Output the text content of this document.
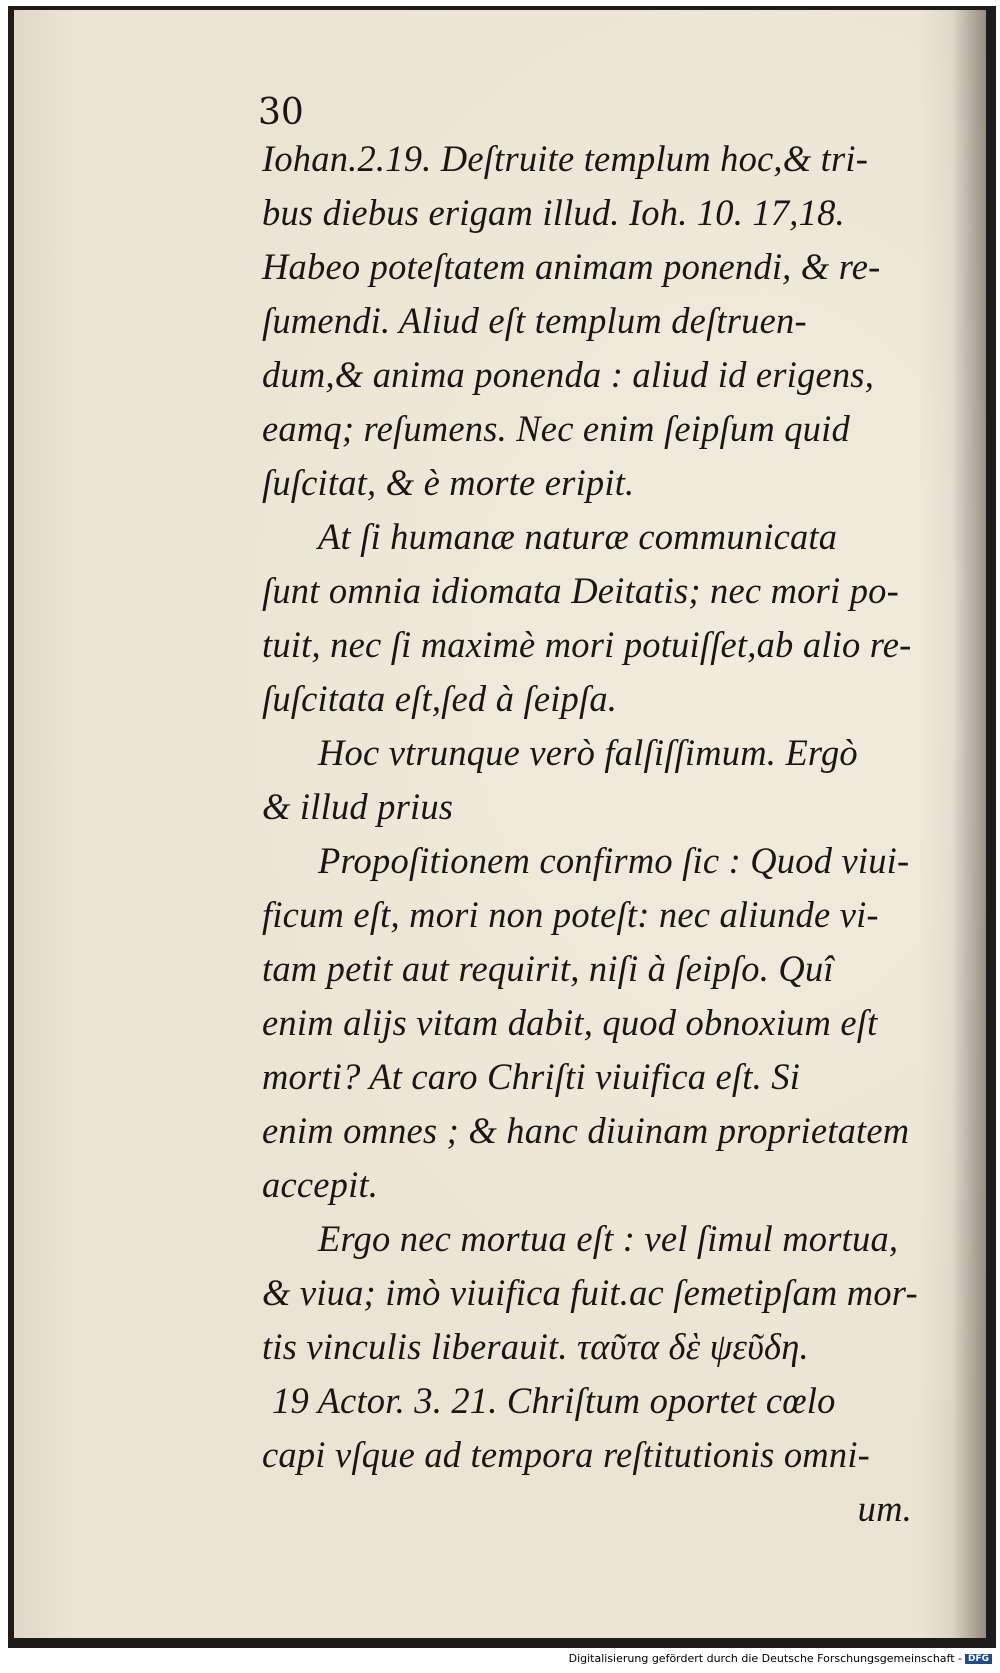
30
Iohan.2.19. Deſtruite templum hoc,& tri-
bus diebus erigam illud. Ioh. 10. 17,18.
Habeo poteſtatem animam ponendi, & re-
ſumendi. Aliud eſt templum deſtruen-
dum,& anima ponenda : aliud id erigens,
eamq; reſumens. Nec enim ſeipſum quid
ſuſcitat, & è morte eripit.
At ſi humanæ naturæ communicata
ſunt omnia idiomata Deitatis; nec mori po-
tuit, nec ſi maximè mori potuiſſet,ab alio re-
ſuſcitata eſt,ſed à ſeipſa.
Hoc vtrunque verò falſiſſimum. Ergò
& illud prius
Propoſitionem confirmo ſic : Quod viui-
ficum eſt, mori non poteſt: nec aliunde vi-
tam petit aut requirit, niſi à ſeipſo. Quî
enim alijs vitam dabit, quod obnoxium eſt
morti? At caro Chriſti viuifica eſt. Si
enim omnes ; & hanc diuinam proprietatem
accepit.
Ergo nec mortua eſt : vel ſimul mortua,
& viua; imò viuifica fuit.ac ſemetipſam mor-
tis vinculis liberauit. ταῦτα δὲ ψεῦδη.
19 Actor. 3. 21. Chriſtum oportet cœlo
capi vſque ad tempora reſtitutionis omni-
um.
Digitalisierung gefördert durch die Deutsche Forschungsgemeinschaft - DFG
